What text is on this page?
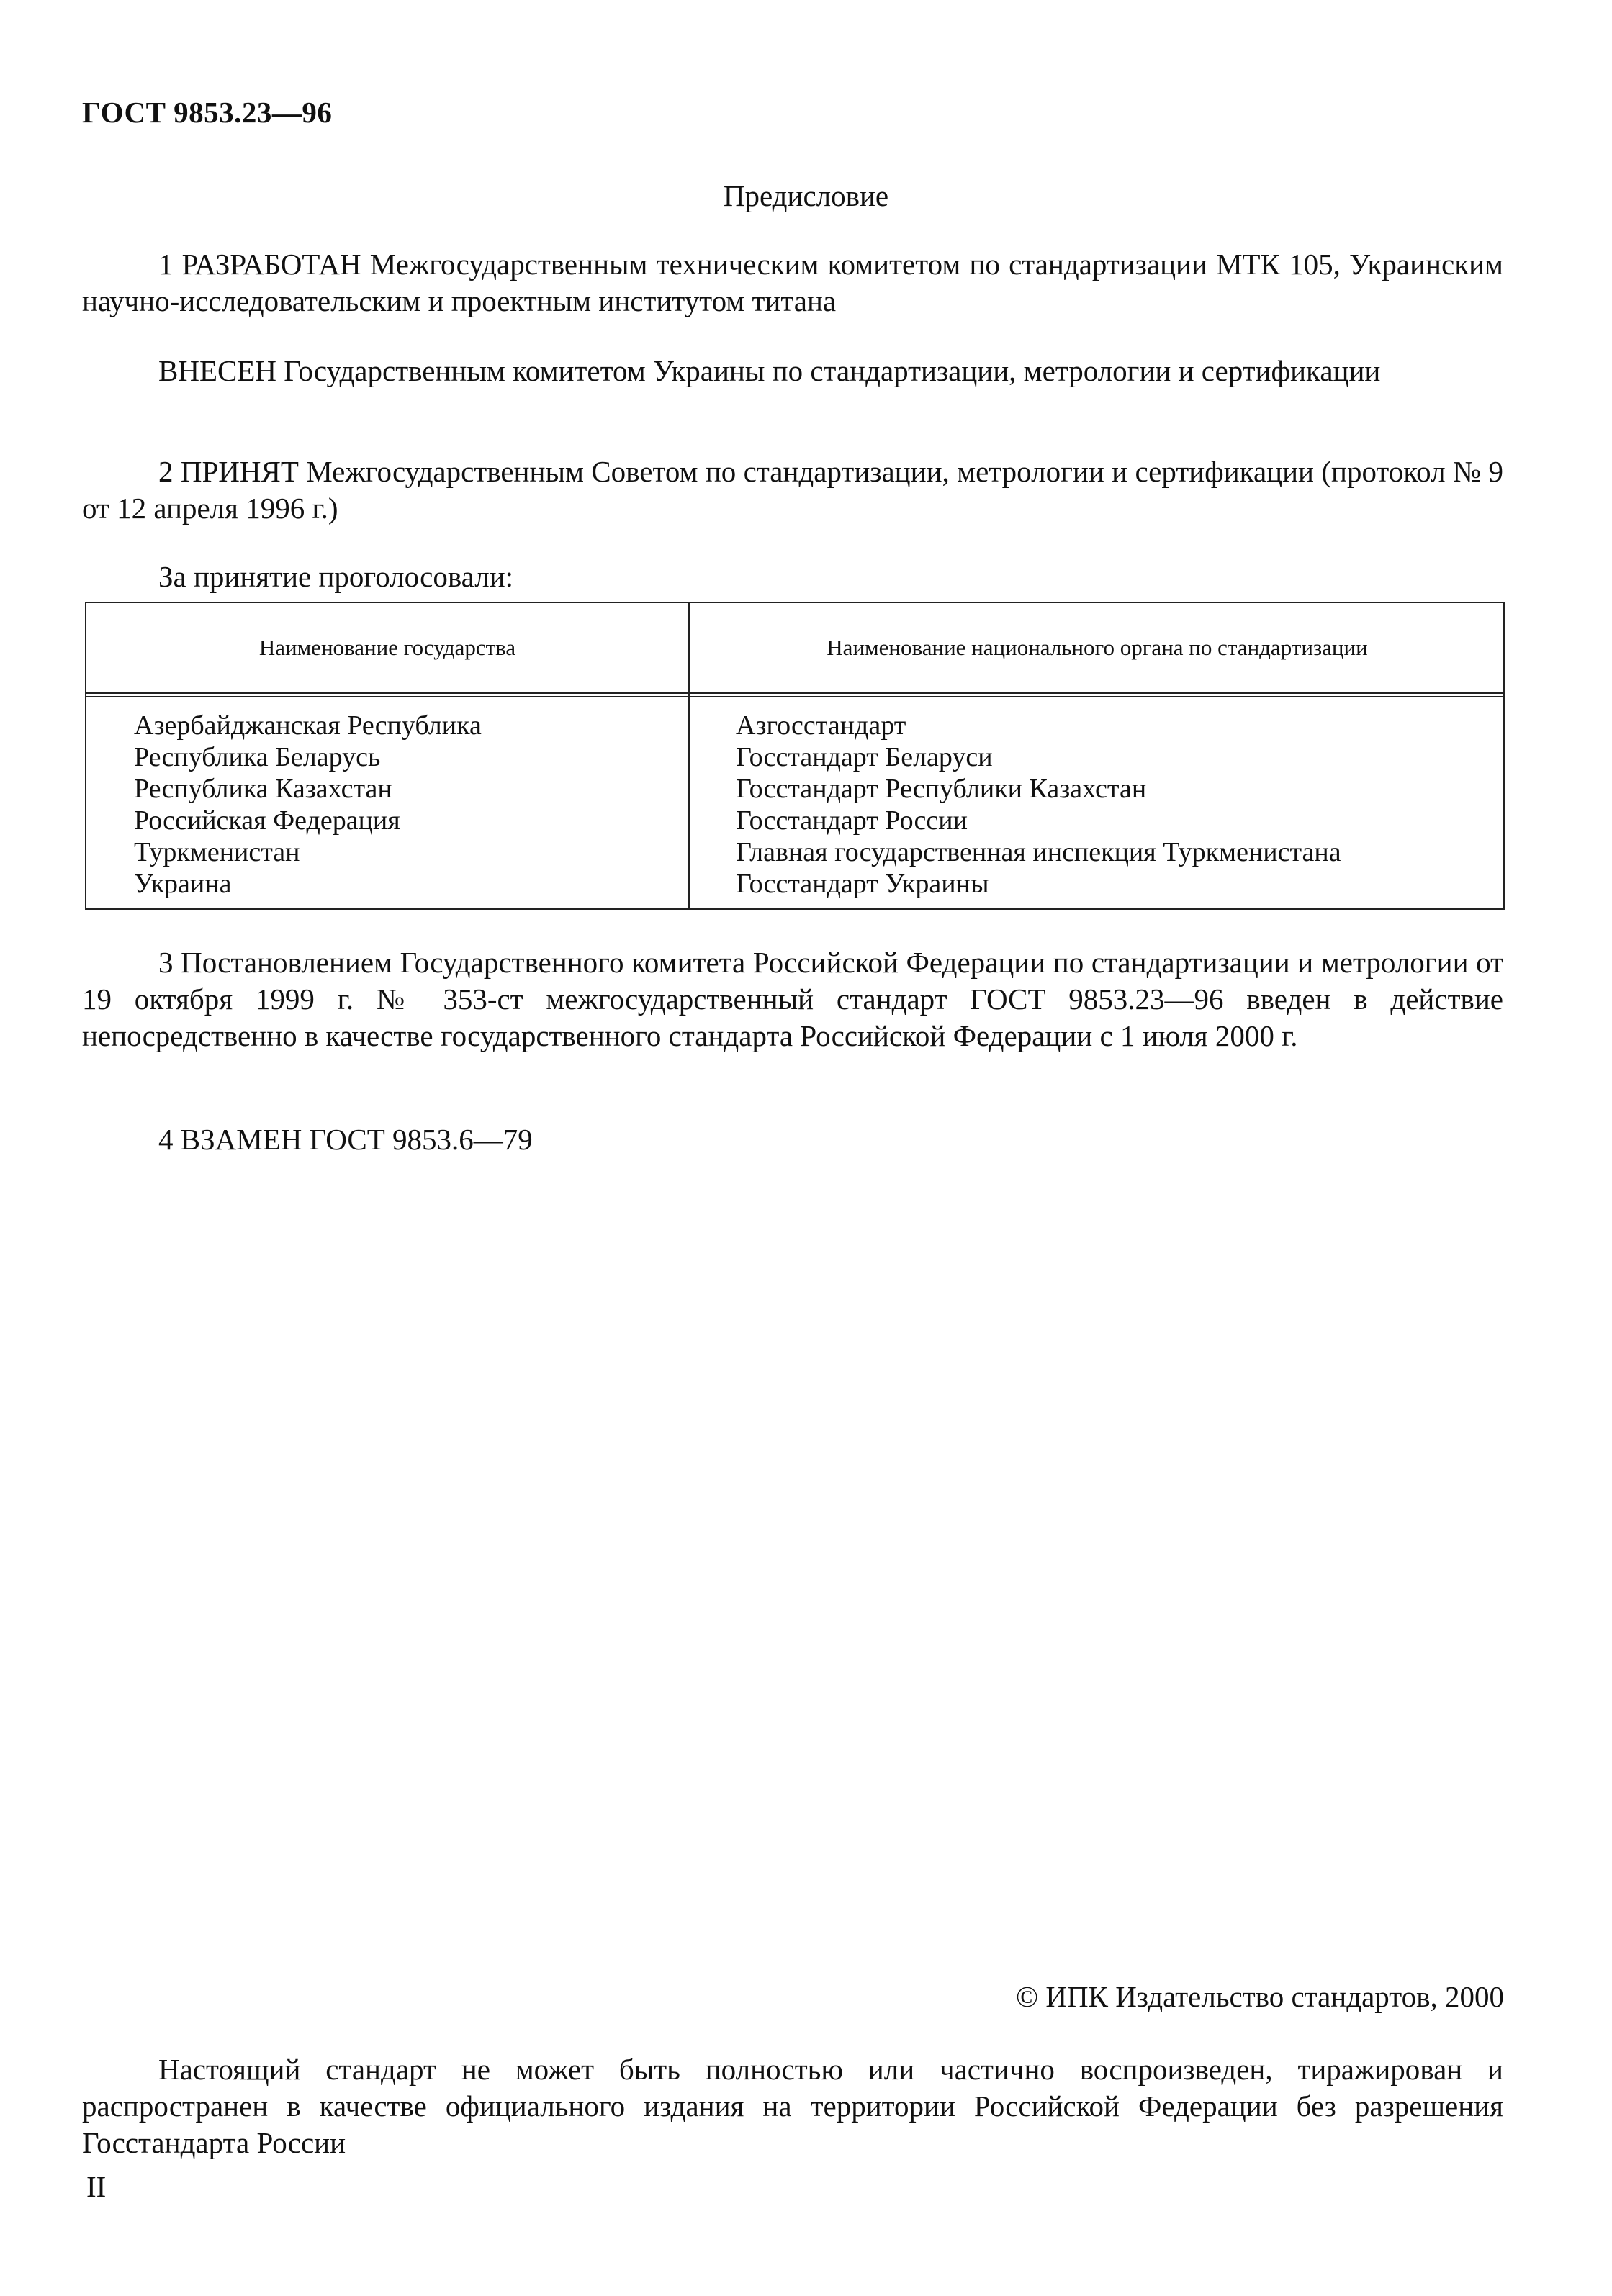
ГОСТ 9853.23—96
Предисловие
1 РАЗРАБОТАН Межгосударственным техническим комитетом по стандартизации МТК 105, Украинским научно-исследовательским и проектным институтом титана
ВНЕСЕН Государственным комитетом Украины по стандартизации, метрологии и сертификации
2 ПРИНЯТ Межгосударственным Советом по стандартизации, метрологии и сертификации (протокол № 9 от 12 апреля 1996 г.)
За принятие проголосовали:
Наименование государства	Наименование национального органа по стандартизации
Азербайджанская Республика
Республика Беларусь
Республика Казахстан
Российская Федерация
Туркменистан
Украина
Азгосстандарт
Госстандарт Беларуси
Госстандарт Республики Казахстан
Госстандарт России
Главная государственная инспекция Туркменистана
Госстандарт Украины
3 Постановлением Государственного комитета Российской Федерации по стандартизации и метрологии от 19 октября 1999 г. № 353-ст межгосударственный стандарт ГОСТ 9853.23—96 введен в действие непосредственно в качестве государственного стандарта Российской Федерации с 1 июля 2000 г.
4 ВЗАМЕН ГОСТ 9853.6—79
© ИПК Издательство стандартов, 2000
Настоящий стандарт не может быть полностью или частично воспроизведен, тиражирован и распространен в качестве официального издания на территории Российской Федерации без разрешения Госстандарта России
II
